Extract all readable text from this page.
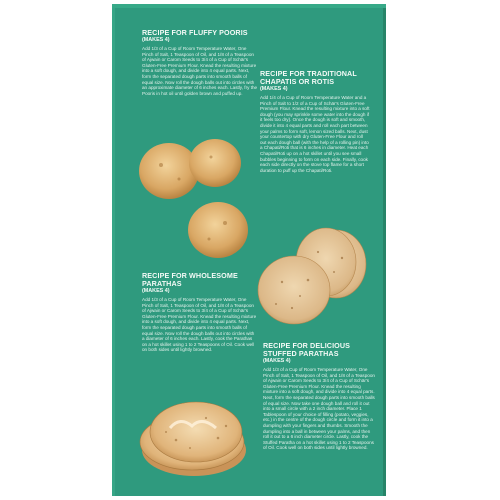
RECIPE FOR FLUFFY POORIS
(MAKES 4)

Add 1/3 of a Cup of Room Temperature Water, One Pinch of Salt, 1 Teaspoon of Oil, and 1/8 of a Teaspoon of Ajwain or Carom Seeds to 3/4 of a Cup of Schär's Gluten-Free Premium Flour. Knead the resulting mixture into a soft dough, and divide into 4 equal parts. Next, form the separated dough parts into smooth balls of equal size. Now roll the dough balls out into circles with an approximate diameter of 6 inches each. Lastly, fry the Pooris in hot oil until golden brown and puffed up.

RECIPE FOR TRADITIONAL CHAPATIS OR ROTIS
(MAKES 4)

Add 1/4 of a Cup of Room Temperature Water and a Pinch of Salt to 1/2 of a Cup of Schär's Gluten-Free Premium Flour. Knead the resulting mixture into a soft dough (you may sprinkle some water into the dough if it feels too dry). Once the dough is soft and smooth, divide it into 4 equal parts and roll each part between your palms to form soft, lemon sized balls. Next, dust your countertop with dry Gluten-Free Flour and roll out each dough ball (with the help of a rolling pin) into a Chapati/Roti that is 6 inches in diameter. Heat each Chapati/Roti up on a hot skillet until you see small bubbles beginning to form on each side. Finally, cook each side directly on the stove top flame for a short duration to puff up the Chapati/Roti.

RECIPE FOR WHOLESOME PARATHAS
(MAKES 4)

Add 1/3 of a Cup of Room Temperature Water, One Pinch of Salt, 1 Teaspoon of Oil, and 1/8 of a Teaspoon of Ajwain or Carom Seeds to 3/4 of a Cup of Schär's Gluten-Free Premium Flour. Knead the resulting mixture into a soft dough, and divide into 4 equal parts. Next, form the separated dough parts into smooth balls of equal size. Now roll the dough balls out into circles with a diameter of 6 inches each. Lastly, cook the Parathas on a hot skillet using 1 to 2 Teaspoons of Oil. Cook well on both sides until lightly browned.	RECIPE FOR DELICIOUS STUFFED PARATHAS
(MAKES 4)

Add 1/3 of a Cup of Room Temperature Water, One Pinch of Salt, 1 Teaspoon of Oil, and 1/8 of a Teaspoon of Ajwain or Carom Seeds to 3/4 of a Cup of Schär's Gluten-Free Premium Flour. Knead the resulting mixture into a soft dough, and divide into 4 equal parts. Next, form the separated dough parts into smooth balls of equal size. Now take one dough ball and roll it out into a small circle with a 2 inch diameter. Place 1 Tablespoon of your choice of filling (potato, veggies, etc.) in the centre of the dough circle and form it into a dumpling with your fingers and thumbs. Smooth the dumpling into a ball in between your palms, and then roll it out to a 6 inch diameter circle. Lastly, cook the Stuffed Paratha on a hot skillet using 1 to 2 Teaspoons of Oil. Cook well on both sides until lightly browned.
